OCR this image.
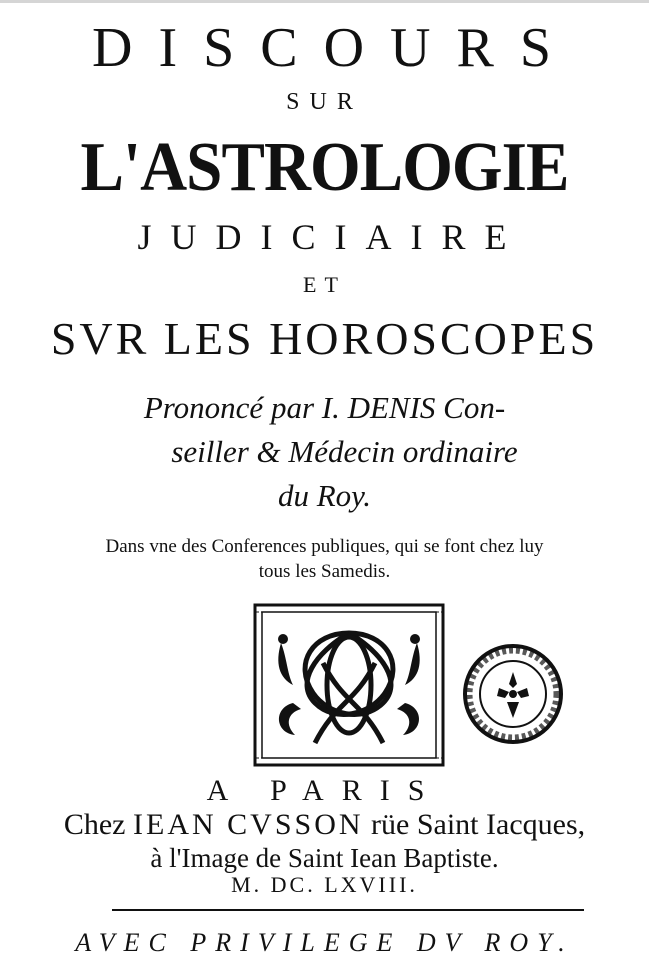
DISCOURS
SUR
L'ASTROLOGIE
JUDICIAIRE
ET
SVR LES HOROSCOPES
Prononcé par I. DENIS Con-
seiller & Médecin ordinaire
du Roy.
Dans vne des Conferences publiques, qui se font chez luy
tous les Samedis.
A PARIS
Chez IEAN CVSSON rüe Saint Iacques,
à l'Image de Saint Iean Baptiste.
M. DC. LXVIII.
AVEC PRIVILEGE DV ROY.
